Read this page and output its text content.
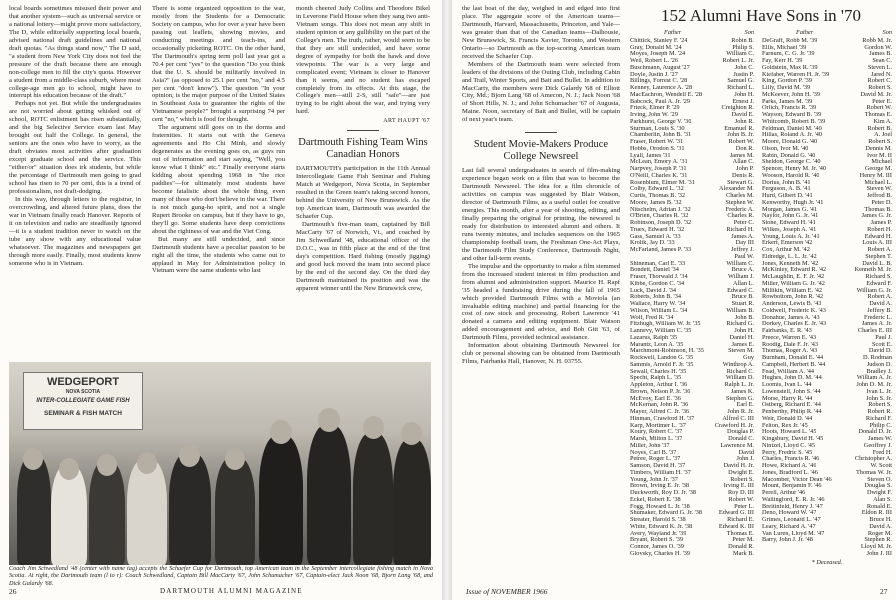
local boards sometimes misused their power and that another system—such as universal service or a national lottery—might prove more satisfactory, The D, while editorially supporting local boards, advised national draft guidelines and national draft quotas. "As things stand now," The D said, "a student from New York City does not feel the pressure of the draft because there are enough non-college men to fill the city's quota. However a student from a middle-class suburb, where most college-age men go to school, might have to interrupt his education because of the draft."

Perhaps not yet. But while the undergraduates are not worried about getting whisked out of school, ROTC enlistment has risen substantially, and the big Selective Service exam last May brought out half the College. In general, the seniors are the ones who have to worry, as the draft obviates most activities after graduation except graduate school and the service. This "either/or" situation does irk students, but while the percentage of Dartmouth men going to grad school has risen to 70 per cent, this is a trend of professionalism, not draft-dodging.

In this way, through letters to the registrar, in overcrowding, and altered future plans, does the war in Vietnam finally reach Hanover. Reports of it on television and radio are steadfastly ignored—it is a student tradition never to watch on the tube any show with any educational value whatsoever. The magazines and newspapers get through more easily. Finally, most students know someone who is in Vietnam.

There is some organized opposition to the war, mostly from the Students for a Democratic Society on campus, who for over a year have been passing out leaflets, showing movies, and conducting meetings and teach-ins, and occasionally picketing ROTC. On the other hand, The Dartmouth's spring term poll last year got a 70.4 per cent "yes" to the question "Do you think that the U. S. should be militarily involved in Asia?" (as opposed to 25.1 per cent "no," and 4.5 per cent "don't know"). The question "In your opinion, is the major purpose of the United States in Southeast Asia to guarantee the rights of the Vietnamese people?" brought a surprising 74 per cent "no," which is food for thought.

The argument still goes on in the dorms and fraternities. It starts out with the Geneva agreements and Ho Chi Minh, and slowly degenerates as the evening goes on, as guys run out of information and start saying, "Well, you know what I think" etc." Finally everyone starts kidding about spending 1968 in "the rice paddies"—for ultimately most students have become fatalistic about the whole thing, even many of those who don't believe in the war. There is not much gung-ho spirit, and not a single Rupert Brooke on campus, but if they have to go, they'll go. Some students have deep convictions about the rightness of war and the Viet Cong.

But many are still undecided, and since Dartmouth students have a peculiar passion to be right all the time, the students who came out to applaud in May for Administration policy in Vietnam were the same students who last

month cheered Judy Collins and Theodore Bikel in Leverone Field House when they sang two anti-Vietnam songs. This does not mean any shift in student opinion or any gullibility on the part of the College's men. The truth, rather, would seem to be that they are still undecided, and have some degree of sympathy for both the hawk and dove viewpoints. The war is a very large and complicated event; Vietnam is closer to Hanover than it seems, and no student has escaped completely from its effects. At this stage, the College's men—still 2-S, still "safe"—are just trying to be right about the war, and trying very hard.

ART HAUPT '67
Dartmouth Fishing Team Wins Canadian Honors

DARTMOUTH's participation in the 11th Annual Intercollegiate Game Fish Seminar and Fishing Match at Wedgeport, Nova Scotia, in September resulted in the Green team's taking second honors, behind the University of New Brunswick. As the top American team, Dartmouth was awarded the Schaefer Cup.

Dartmouth's five-man team, captained by Bill MacCarty '67 of Norwich, Vt., and coached by Jim Schwedland '48, educational officer of the D.O.C., was in fifth place at the end of the first day's competition. Hard fishing (mostly jigging) and good luck moved the team into second place by the end of the second day. On the third day Dartmouth maintained its position and was the apparent winner until the New Brunswick crew,

WEDGEPORT
NOVA SCOTIA
INTER-COLLEGIATE GAME FISH
SEMINAR & FISH MATCH
Coach Jim Schwedland '48 (center with name tag) accepts the Schaefer Cup for Dartmouth, top American team in the September intercollegiate fishing match in Nova Scotia. At right, the Dartmouth team (l to r): Coach Schwedland, Captain Bill MacCarty '67, John Schumacher '67, Captain-elect Jack Noon '68, Bjorn Lang '68, and Dick Galardy '68.
26	DARTMOUTH ALUMNI MAGAZINE

the last boat of the day, weighed in and edged into first place. The aggregate score of the American teams—Dartmouth, Harvard, Massachusetts, Princeton, and Yale—was greater than that of the Canadian teams—Dalhousie, New Brunswick, St. Francis Xavier, Toronto, and Western Ontario—so Dartmouth as the top-scoring American team received the Schaefer Cup.

Members of the Dartmouth team were selected from leaders of the divisions of the Outing Club, including Cabin and Trail, Winter Sports, and Bait and Bullet. In addition to MacCarty, the members were Dick Galardy '68 of Elliott City, Md.; Bjorn Lang '68 of Amecon, N. J.; Jack Noon '68 of Short Hills, N. J.; and John Schumacher '67 of Augusta, Maine. Noon, secretary of Bait and Bullet, will be captain of next year's team.

Student Movie-Makers Produce College Newsreel

Last fall several undergraduates in search of film-making experience began work on a film that was to become the Dartmouth Newsreel. The idea for a film chronicle of activities on campus was suggested by Blair Watson, director of Dartmouth Films, as a useful outlet for creative energies. This month, after a year of shooting, editing, and finally preparing the original for printing, the newsreel is ready for distribution to interested alumni and others. It runs twenty minutes, and includes sequences on the 1965 championship football team, the Freshman One-Act Plays, the Dartmouth Film Study Conference, Dartmouth Night, and other fall-term events.

The impulse and the opportunity to make a film stemmed from the increased student interest in film production and from alumni and administration support. Maurice H. Rapf '35 headed a fundraising drive during the fall of 1965 which provided Dartmouth Films with a Moviola (an invaluable editing machine) and partial financing for the cost of raw stock and processing. Robert Lawrence '41 donated a camera and editing equipment. Blair Watson added encouragement and advice, and Bob Gitt '63, of Dartmouth Films, provided technical assistance.

Information about obtaining Dartmouth Newsreel for club or personal showing can be obtained from Dartmouth Films, Fairbanks Hall, Hanover, N. H. 03755.

Issue of NOVEMBER 1966	27
152 Alumni Have Sons in '70
Father	Son
Chittick, Stanley F. '24	Robin B.
Gray, Donald M. '24	Philip S.
Moyes, Joseph M. '24	William C.
Weil, Robert L. '26	Robert L. Jr.
Buschmann, August '27	John C.
Doyle, Justin J. '27	Justin P.
Billings, Forrest C. '28	Samuel G.
Kenney, Laurence A. '28	Richard L.
MacEachron, Wendell E. '28	John H.
Babcock, Paul A. Jr. '29	Ernest J.
Frieck, Elmer P. '29	Creighton R.
Irving, John W. '29	David E.
Parkhurst, George V. '30	John R.
Sturman, Louis S. '30	Emanuel R.
Chamberlin, John B. '31	John B. Jr.
Fraser, Robert W. '31	Robert W.
Hobbs, Orodon S. '31	Don R.
Lyall, James '31	James M.
McLean, Emory A. '31	Allan C.
Narpvey, Joseph P. '31	John P.
O'Neill, Charles K. '31	Denis R.
Rosenblum, Elmer M. '31	Stewart G.
Colby, Edward L. '32	Alexander M.
Curtis, Thomas B. '32	Charles M.
Moore, James B. '32	Stephen W.
Nitschelm, Adrian J. '32	Frederic A.
O'Brien, Charles R. '32	Charles R.
Robinson, Joseph D. '32	Peter C.
Truex, Edward H. '32	Richard H.
Gass, Samuel A. '33	James A.
Krolik, Jay D. '33	Day III
McFarland, James P. '33	Jeffrey J.
Paul W.
Shineman, Carl E. '33	William C.
Bondett, Daniel '34	Bruce A.
Fraser, Thorwald J. '34	William J.
Kibbe, Gordon C. '34	Allan L.
Luck, David J. '34	Edward C.
Roberts, John B. '34	Bruce B.
Wallace, Harry W. '34	Stuart R.
Wilson, William L. '34	William B.
Wolf, Fred R. '34	John B.
Fitzhugh, William W. Jr. '35	Richard G.
Lannevy, William C. '35	John H.
Lazarus, Ralph '35	Daniel H.
Marantz, Leon A. '35	James E.
Marchmont-Robinson, H. '35	Steven M.
Rockwell, Landon G. '35	Guy
Sammis, Arnold F. Jr. '35	Winthrop A.
Sewall, Charles H. '35	Richard C.
Specht, Ralph L. '35	William D.
Appleton, Arthur I. '36	Ralph L. Jr.
Brown, Nelson P. Jr. '36	James K.
McEvoy, Earl E. '36	Stephen G.
McKernan, John R. '36	Earl E.
Mayer, Alfred C. Jr. '36	John R. Jr.
Hinman, Crawford H. '37	Alfred C. III
Karp, Mortimer L. '37	Crawford H. Jr.
Koury, Robert C. '37	Douglas P.
Marsh, Milton L. '37	Donald C.
Miller, John '37	Lawrence M.
Noyes, Carl B. '37	David
Petree, Roger L. '37	John J.
Samson, David H. '37	David H. Jr.
Timbers, William H. '37	Dwight E.
Young, John Jr. '37	Robert S.
Brown, Irving E. Jr. '38	Irving E. III
Duckworth, Roy D. Jr. '38	Roy D. III
Eckel, Robert E. '38	Robert W.
Fogg, Howard L. Jr. '38	Peter L.
Shumaker, Edward G. Jr. '38	Edward G. III
Streater, Harold S. '38	Richard E.
White, Edward K. Jr. '38	Edward K. III
Avery, Wayland Jr. '39	Thomas E.
Bryant, Robert S. '39	Peter M.
Connor, James O. '39	Donald R.
Glovsky, Charles H. '39	Mark B.
Father	Son
DeGraff, Robb M. '39	Robb M. Jr.
Ellis, Michael '39	Gordon W.
Farnum, C. G. Jr. '39	James B.
Fay, Kerr H. '39	Sean C.
Goldstein, Max R. '39	Steven L.
Kiefaber, Warren H. Jr. '39	Jared N.
King, Gordon P. '39	Robert C.
Lilly, David M. '39	Robert S.
McKeever, John H. '39	David M. Jr.
Parks, James M. '39	Peter E.
Orlich, Francis R. '39	Robert W.
Wayson, Edward B. '39	Thomas E.
Whitcomb, Robert B. '39	Kim A.
Feldman, Daniel M. '40	Robert B.
Hillas, Roland A. Jr. '40	A. Joel
Moore, Donald G. '40	Robert S.
Olson, Ivor M. '40	Dennis M.
Rabin, Donald G. '40	Ivor M. II
Sheldon, George C. '40	Michael
Spencer, Henry M. Jr. '40	George M.
Wooson, Harold R. '40	Henry M. III
Dorius, John B. '41	Michael L.
Ferguson, A. B. '41	Steven W.
Hurd, Gilbert D. '41	Jeffrod B.
Kenworthy, Hugh Jr. '41	Peter D.
Morgan, James G. '41	Thomas B.
Naylor, John G. Jr. '41	James G. Jr.
Stone, Edward H. '41	James P.
Wilkes, Joseph A. '41	Robert H.
Young, Louis A. Jr. '41	Edward H.
Erkert, Emerson '42	Louis A. III
Cox, Arthur M. '42	Robert A.
Eldredge, L. L. Jr. '42	Stephen T.
Jones, Kenneth M. '42	David L. B.
McKinley, Edward R. '42	Kenneth M. Jr.
McLaughlin, E. F. Jr. '42	Richard S.
Miller, William G. Jr. '42	Edward F.
Millikin, William E. '42	William G. Jr.
Rowbottom, John R. '42	Robert A.
Anderson, Lewis B. '43	David A.
Coldwell, Frederic K. '43	Jeffery B.
Donahue, James A. '43	Frederic L.
Dorkey, Charles E. Jr. '43	James A. Jr.
Fairbanks, E. R. '43	Charles E. III
Preece, Warren E. '43	Paul J.
Roodig, Dale F. Jr. '43	Scott E.
Thomas, Roger A. '43	David D.
Burnham, Donald E. '44	D. Rodman
Campbell, Herbert B. '44	Judson D.
Fead, William A. '44	Bradley J.
Hughes, John D. M. '44	William A. Jr.
Loomis, Ivan L. '44	John D. M. Jr.
Lowenstell, John S. '44	Ivan L. Jr.
Morse, Harry R. '44	John S. Jr.
Ostberg, Richard E. '44	Robert S.
Penberthy, Philip R. '44	Robert R.
Weir, Donald D. '44	Richard F.
Felton, Rex Jr. '45	Philip C.
Hoots, Howard L. '45	Donald D. Jr.
Kingsbury, David H. '45	James W.
Nintzel, Lloyd C. '45	Geoffrey J.
Perry, Fredric S. '45	Fred H.
Charles, Francis R. '46	Christopher A.
Howe, Richard A. '46	W. Scott
Jones, Bradford L. '46	Thomas W. Jr.
Macomber, Victor Dean '46	Steven O.
Mount, Benjamin F. '46	Douglas S.
Perell, Arthur '46	Dwight F.
Wallingford, E. R. Jr. '46	Alan S.
Breitinfeld, Henry J. '47	Ronald E.
Deno, Howard W. '47	Eldon R. III
Grimes, Leonard L. '47	Bruce H.
Leary, Richard A. '47	David A.
Van Luren, Lloyd M. '47	Roger M.
Barry, John J. Jr. '48	Stephen R.
Lloyd M. Jr.
John J. III
* Deceased.
